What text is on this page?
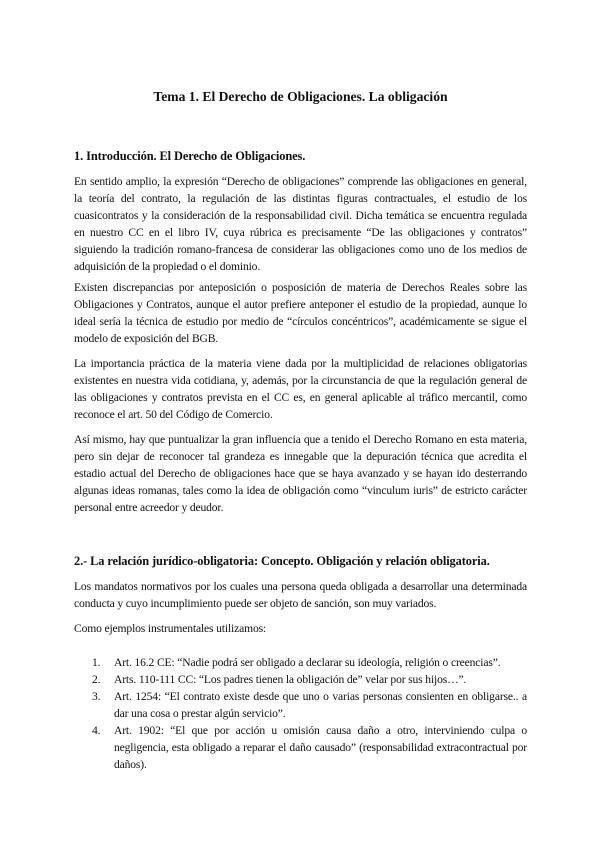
Tema 1. El Derecho de Obligaciones. La obligación
1. Introducción. El Derecho de Obligaciones.

En sentido amplio, la expresión “Derecho de obligaciones” comprende las obligaciones en general, la teoría del contrato, la regulación de las distintas figuras contractuales, el estudio de los cuasicontratos y la consideración de la responsabilidad civil. Dicha temática se encuentra regulada en nuestro CC en el libro IV, cuya rúbrica es precisamente “De las obligaciones y contratos” siguiendo la tradición romano-francesa de considerar las obligaciones como uno de los medios de adquisición de la propiedad o el dominio.

Existen discrepancias por anteposición o posposición de materia de Derechos Reales sobre las Obligaciones y Contratos, aunque el autor prefiere anteponer el estudio de la propiedad, aunque lo ideal sería la técnica de estudio por medio de “círculos concéntricos”, académicamente se sigue el modelo de exposición del BGB.

La importancia práctica de la materia viene dada por la multiplicidad de relaciones obligatorias existentes en nuestra vida cotidiana, y, además, por la circunstancia de que la regulación general de las obligaciones y contratos prevista en el CC es, en general aplicable al tráfico mercantil, como reconoce el art. 50 del Código de Comercio.

Así mismo, hay que puntualizar la gran influencia que a tenido el Derecho Romano en esta materia, pero sin dejar de reconocer tal grandeza es innegable que la depuración técnica que acredita el estadio actual del Derecho de obligaciones hace que se haya avanzado y se hayan ido desterrando algunas ideas romanas, tales como la idea de obligación como “vinculum iuris” de estricto carácter personal entre acreedor y deudor.

2.- La relación jurídico-obligatoria: Concepto. Obligación y relación obligatoria.

Los mandatos normativos por los cuales una persona queda obligada a desarrollar una determinada conducta y cuyo incumplimiento puede ser objeto de sanción, son muy variados.

Como ejemplos instrumentales utilizamos:

1. Art. 16.2 CE: “Nadie podrá ser obligado a declarar su ideología, religión o creencias”.
2. Arts. 110-111 CC: “Los padres tienen la obligación de” velar por sus hijos…”.
3. Art. 1254: “El contrato existe desde que uno o varias personas consienten en obligarse.. a dar una cosa o prestar algún servicio”.
4. Art. 1902: “El que por acción u omisión causa daño a otro, interviniendo culpa o negligencia, esta obligado a reparar el daño causado” (responsabilidad extracontractual por daños).
